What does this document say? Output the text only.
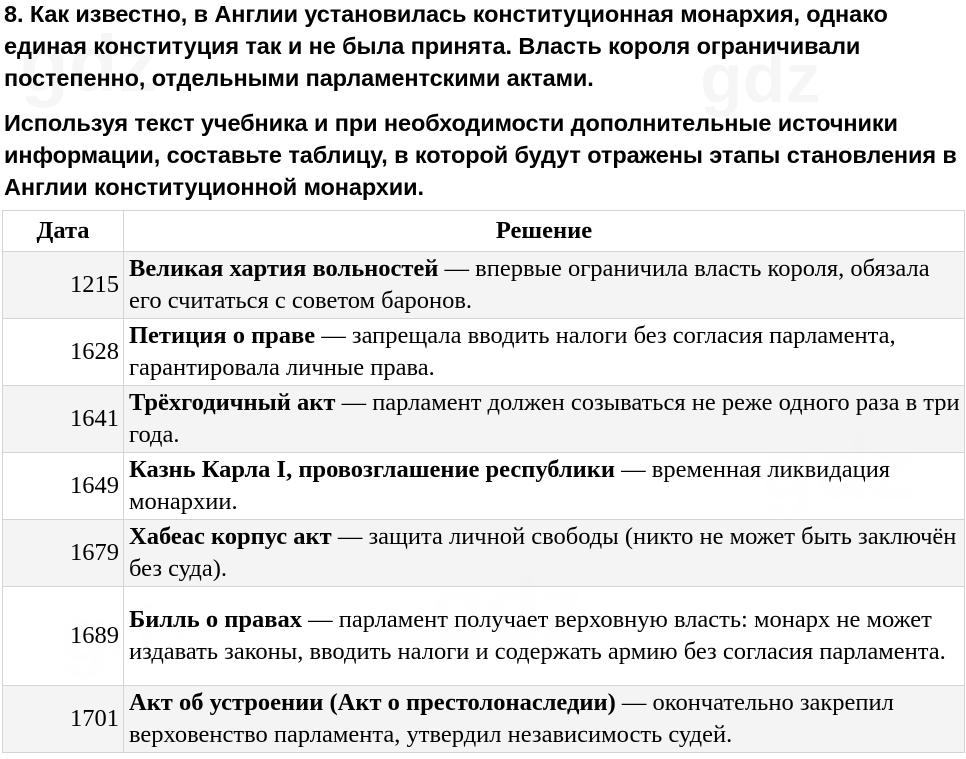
8. Как известно, в Англии установилась конституционная монархия, однако единая конституция так и не была принята. Власть короля ограничивали постепенно, отдельными парламентскими актами.

Используя текст учебника и при необходимости дополнительные источники информации, составьте таблицу, в которой будут отражены этапы становления в Англии конституционной монархии.

Дата	Решение
1215	Великая хартия вольностей — впервые ограничила власть короля, обязала его считаться с советом баронов.
1628	Петиция о праве — запрещала вводить налоги без согласия парламента, гарантировала личные права.
1641	Трёхгодичный акт — парламент должен созываться не реже одного раза в три года.
1649	Казнь Карла I, провозглашение республики — временная ликвидация монархии.
1679	Хабеас корпус акт — защита личной свободы (никто не может быть заключён без суда).
1689	Билль о правах — парламент получает верховную власть: монарх не может издавать законы, вводить налоги и содержать армию без согласия парламента.
1701	Акт об устроении (Акт о престолонаследии) — окончательно закрепил верховенство парламента, утвердил независимость судей.
